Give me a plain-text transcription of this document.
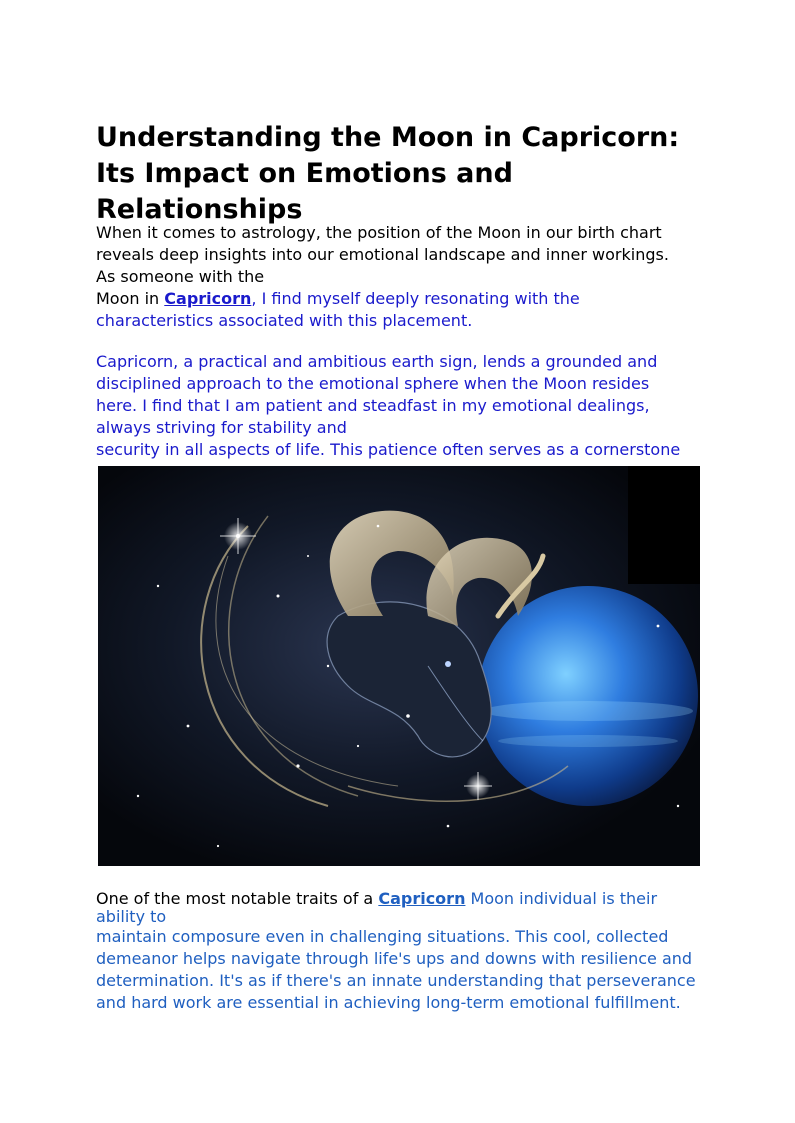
Understanding the Moon in Capricorn: Its Impact on Emotions and Relationships

When it comes to astrology, the position of the Moon in our birth chart
reveals deep insights into our emotional landscape and inner workings.
As someone with the
Moon in Capricorn, I find myself deeply resonating with the
characteristics associated with this placement.

Capricorn, a practical and ambitious earth sign, lends a grounded and
disciplined approach to the emotional sphere when the Moon resides
here. I find that I am patient and steadfast in my emotional dealings,
always striving for stability and
security in all aspects of life. This patience often serves as a cornerstone

One of the most notable traits of a Capricorn Moon individual is their
ability to
maintain composure even in challenging situations. This cool, collected
demeanor helps navigate through life's ups and downs with resilience and
determination. It's as if there's an innate understanding that perseverance
and hard work are essential in achieving long-term emotional fulfillment.
